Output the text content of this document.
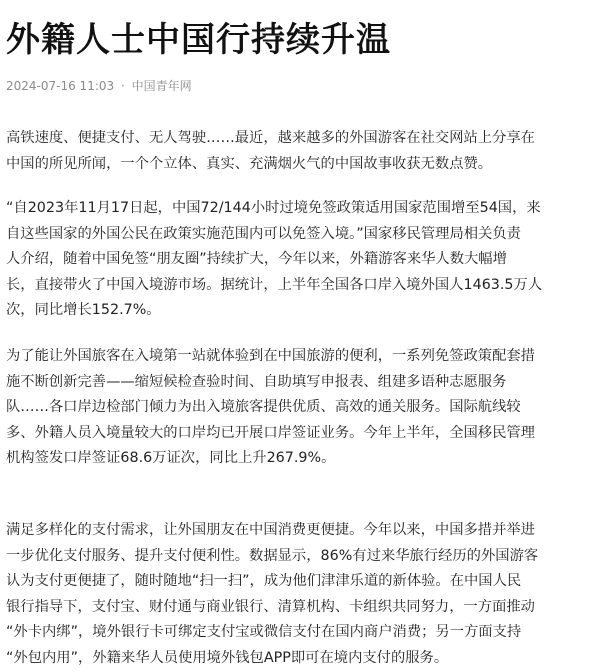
外籍人士中国行持续升温
2024-07-16 11:03 · 中国青年网

高铁速度、便捷支付、无人驾驶……最近，越来越多的外国游客在社交网站上分享在
中国的所见所闻，一个个立体、真实、充满烟火气的中国故事收获无数点赞。

“自2023年11月17日起，中国72/144小时过境免签政策适用国家范围增至54国，来
自这些国家的外国公民在政策实施范围内可以免签入境。”国家移民管理局相关负责
人介绍，随着中国免签“朋友圈”持续扩大，今年以来，外籍游客来华人数大幅增
长，直接带火了中国入境游市场。据统计，上半年全国各口岸入境外国人1463.5万人
次，同比增长152.7%。

为了能让外国旅客在入境第一站就体验到在中国旅游的便利，一系列免签政策配套措
施不断创新完善——缩短候检查验时间、自助填写申报表、组建多语种志愿服务
队……各口岸边检部门倾力为出入境旅客提供优质、高效的通关服务。国际航线较
多、外籍人员入境量较大的口岸均已开展口岸签证业务。今年上半年，全国移民管理
机构签发口岸签证68.6万证次，同比上升267.9%。

满足多样化的支付需求，让外国朋友在中国消费更便捷。今年以来，中国多措并举进
一步优化支付服务、提升支付便利性。数据显示，86%有过来华旅行经历的外国游客
认为支付更便捷了，随时随地“扫一扫”，成为他们津津乐道的新体验。在中国人民
银行指导下，支付宝、财付通与商业银行、清算机构、卡组织共同努力，一方面推动
“外卡内绑”，境外银行卡可绑定支付宝或微信支付在国内商户消费；另一方面支持
“外包内用”，外籍来华人员使用境外钱包APP即可在境内支付的服务。
